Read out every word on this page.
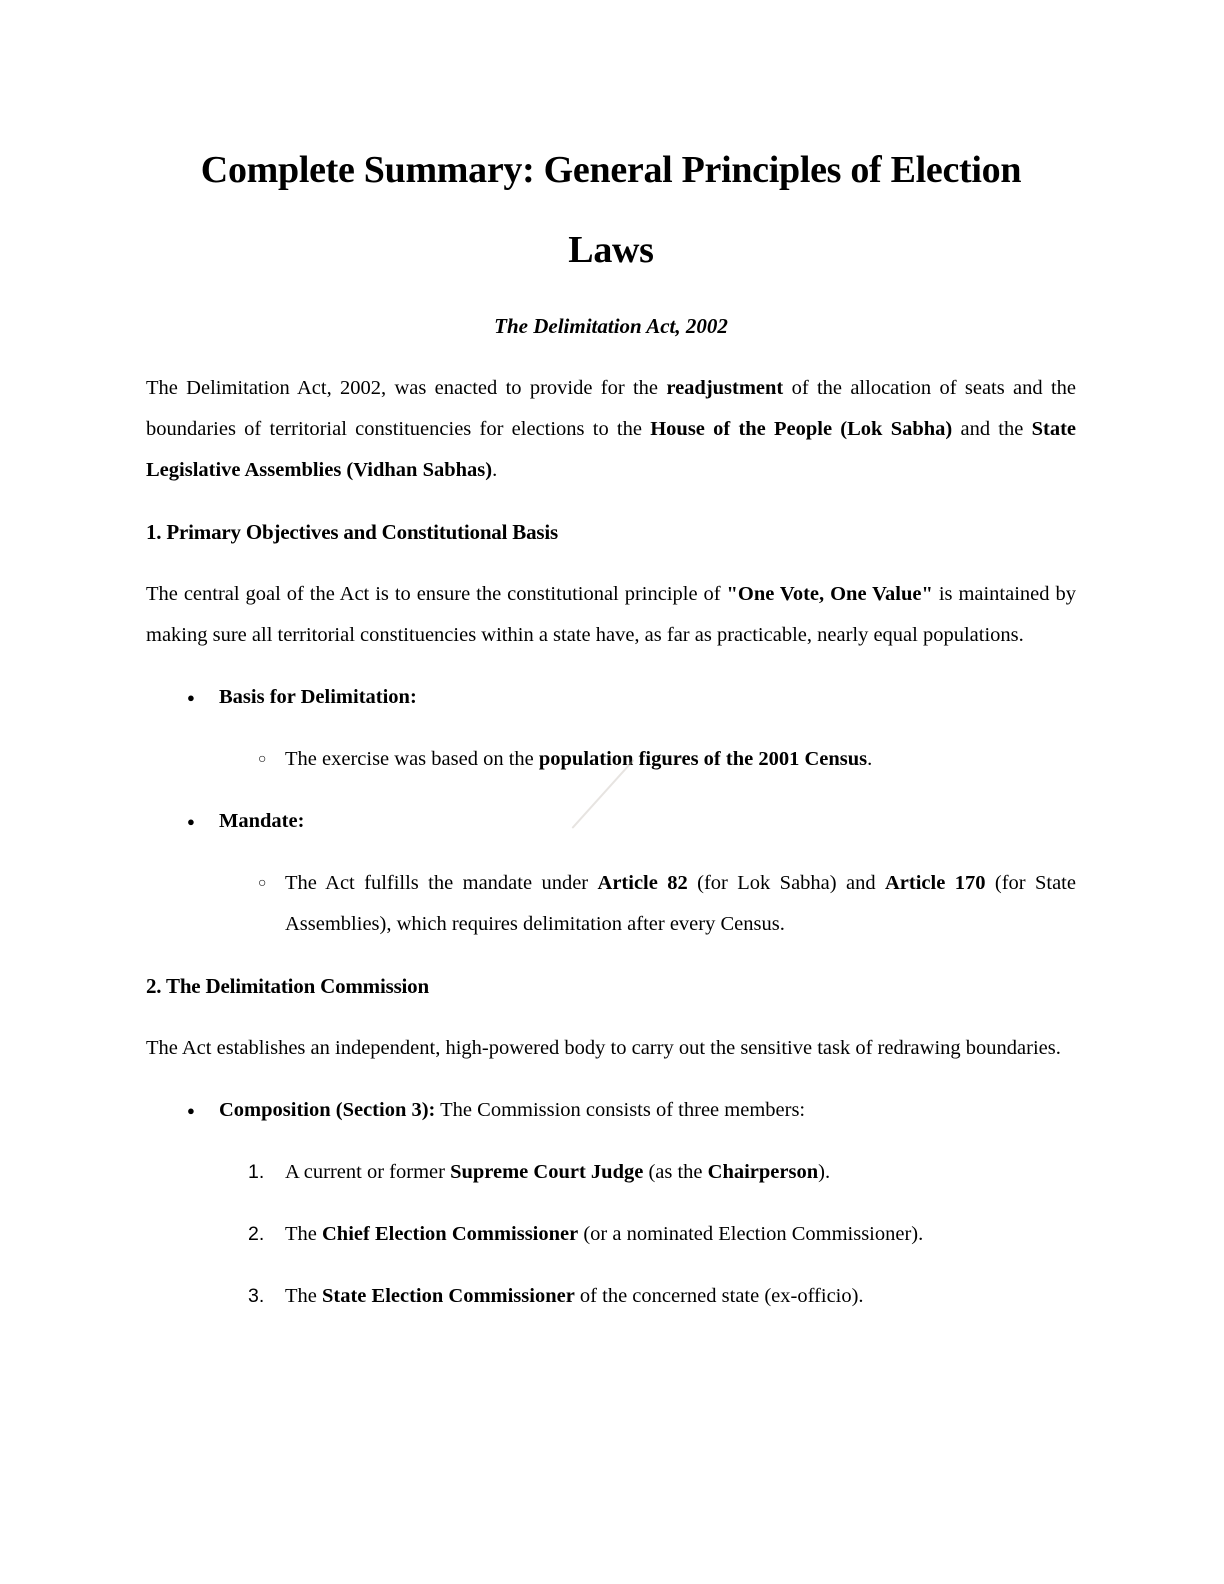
Complete Summary: General Principles of Election
Laws

The Delimitation Act, 2002

The Delimitation Act, 2002, was enacted to provide for the readjustment of the allocation of seats and the boundaries of territorial constituencies for elections to the House of the People (Lok Sabha) and the State Legislative Assemblies (Vidhan Sabhas).

1. Primary Objectives and Constitutional Basis

The central goal of the Act is to ensure the constitutional principle of "One Vote, One Value" is maintained by making sure all territorial constituencies within a state have, as far as practicable, nearly equal populations.

●	Basis for Delimitation:
○ The exercise was based on the population figures of the 2001 Census.
●	Mandate:
○ The Act fulfills the mandate under Article 82 (for Lok Sabha) and Article 170 (for State Assemblies), which requires delimitation after every Census.
2. The Delimitation Commission

The Act establishes an independent, high-powered body to carry out the sensitive task of redrawing boundaries.

●	Composition (Section 3): The Commission consists of three members:
1.	A current or former Supreme Court Judge (as the Chairperson).
2.	The Chief Election Commissioner (or a nominated Election Commissioner).
3.	The State Election Commissioner of the concerned state (ex-officio).
